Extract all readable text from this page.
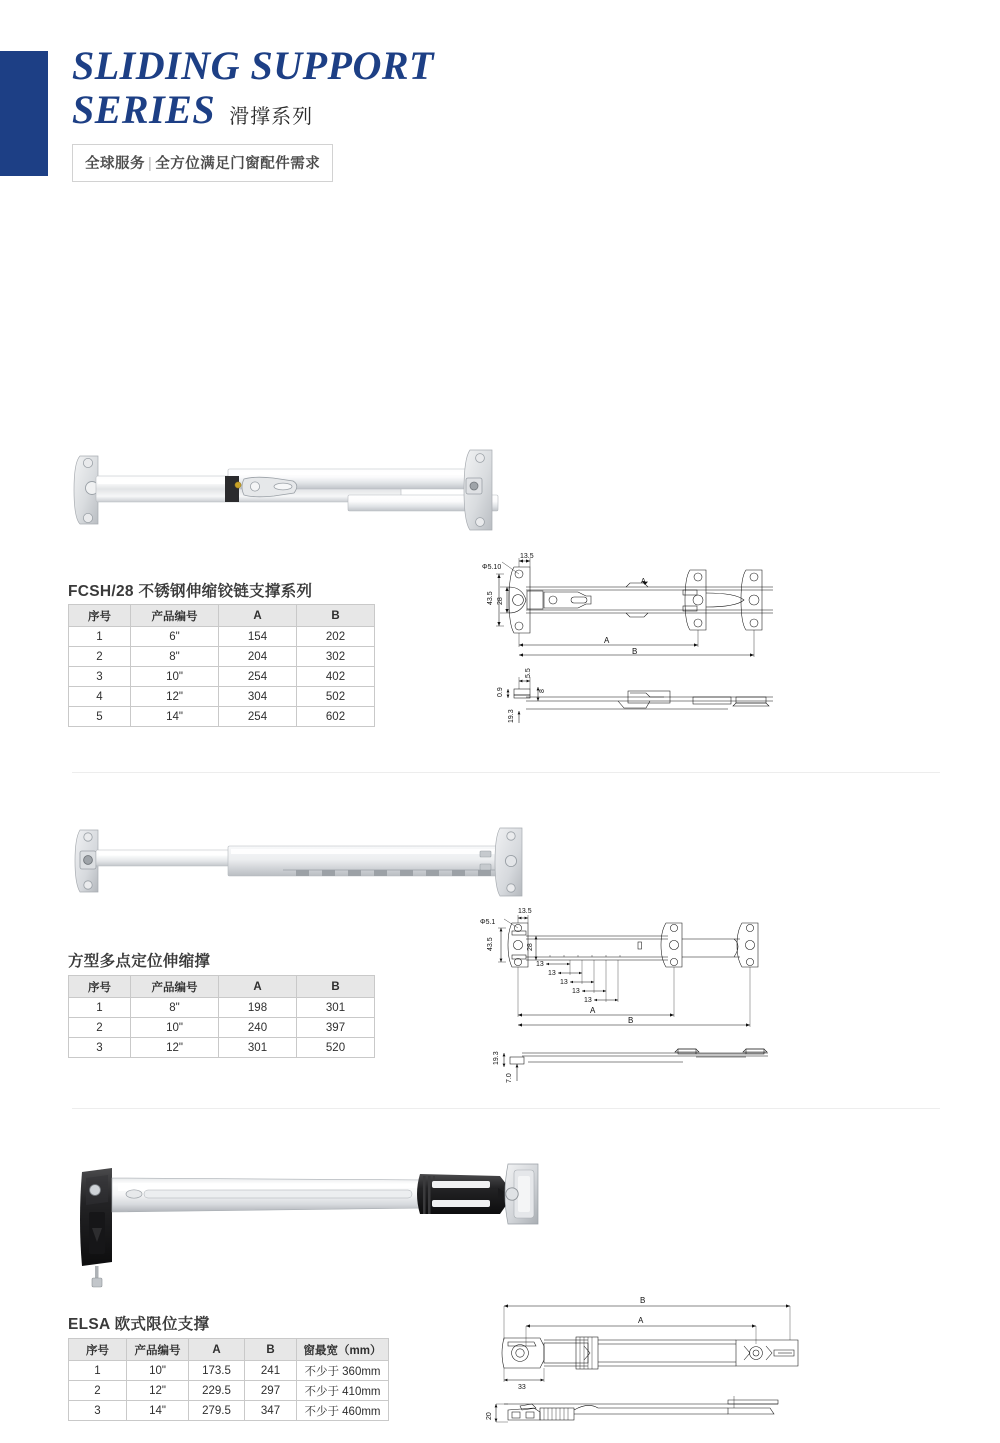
SLIDING SUPPORT
SERIES 滑撑系列
全球服务 | 全方位满足门窗配件需求
FCSH/28 不锈钢伸缩铰链支撑系列
序号	产品编号	A	B
1	6"	154	202
2	8"	204	302
3	10"	254	402
4	12"	304	502
5	14"	254	602
13.5
Φ5.10
43.5 28
A
B
A
5.5
0.9	8
19.3
方型多点定位伸缩撑
序号	产品编号	A	B
1	8"	198	301
2	10"	240	397
3	12"	301	520
13.5
Φ5.1
43.5	28
13
13
13
13
13
A
B
19.3
7.0
ELSA 欧式限位支撑
序号	产品编号	A	B	窗最宽（mm）
1	10"	173.5	241	不少于 360mm
2	12"	229.5	297	不少于 410mm
3	14"	279.5	347	不少于 460mm
B
A
33
20
